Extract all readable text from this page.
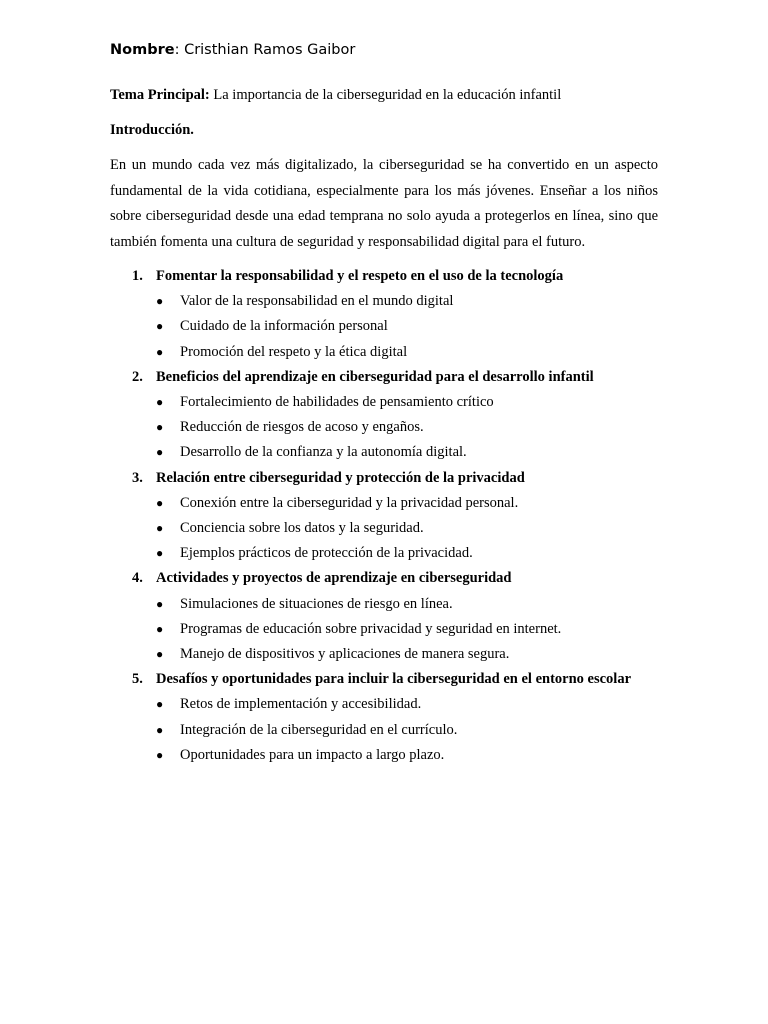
Nombre: Cristhian Ramos Gaibor

Tema Principal: La importancia de la ciberseguridad en la educación infantil

Introducción.

En un mundo cada vez más digitalizado, la ciberseguridad se ha convertido en un aspecto fundamental de la vida cotidiana, especialmente para los más jóvenes. Enseñar a los niños sobre ciberseguridad desde una edad temprana no solo ayuda a protegerlos en línea, sino que también fomenta una cultura de seguridad y responsabilidad digital para el futuro.

1. Fomentar la responsabilidad y el respeto en el uso de la tecnología
●	Valor de la responsabilidad en el mundo digital
●	Cuidado de la información personal
●	Promoción del respeto y la ética digital
2. Beneficios del aprendizaje en ciberseguridad para el desarrollo infantil
●	Fortalecimiento de habilidades de pensamiento crítico
●	Reducción de riesgos de acoso y engaños.
●	Desarrollo de la confianza y la autonomía digital.
3. Relación entre ciberseguridad y protección de la privacidad
●	Conexión entre la ciberseguridad y la privacidad personal.
●	Conciencia sobre los datos y la seguridad.
●	Ejemplos prácticos de protección de la privacidad.
4. Actividades y proyectos de aprendizaje en ciberseguridad
●	Simulaciones de situaciones de riesgo en línea.
●	Programas de educación sobre privacidad y seguridad en internet.
●	Manejo de dispositivos y aplicaciones de manera segura.
5. Desafíos y oportunidades para incluir la ciberseguridad en el entorno escolar
●	Retos de implementación y accesibilidad.
●	Integración de la ciberseguridad en el currículo.
●	Oportunidades para un impacto a largo plazo.
